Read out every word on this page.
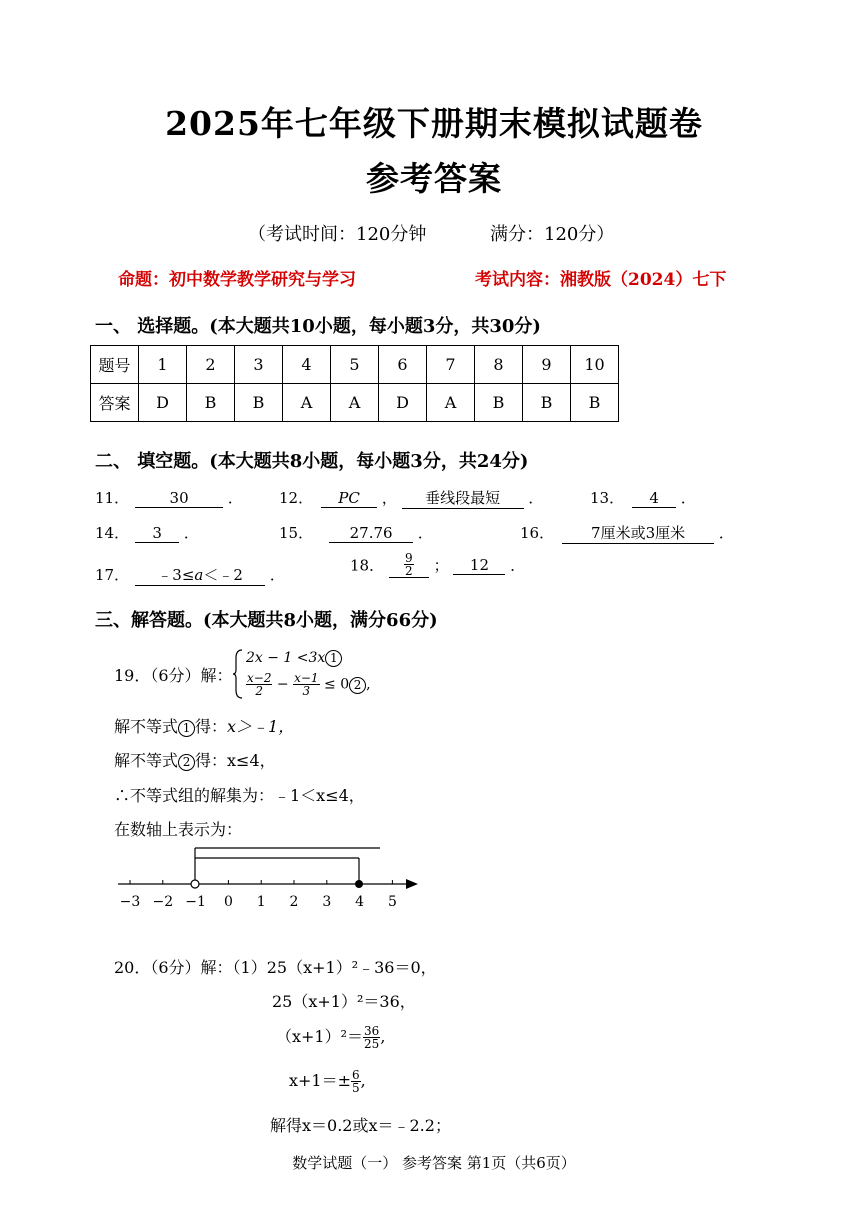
2025年七年级下册期末模拟试题卷
参考答案
（考试时间：120分钟	满分：120分）
命题：初中数学教学研究与学习	考试内容：湘教版（2024）七下
一、 选择题。(本大题共10小题，每小题3分，共30分)
题号	1	2	3	4	5	6	7	8	9	10
答案	D	B	B	A	A	D	A	B	B	B
二、 填空题。(本大题共8小题，每小题3分，共24分)
11．	30 ． 12． PC ， 垂线段最短 ．	13． 4 ．
14． 3 ．	15． 27.76 ．	16． 7厘米或3厘米 ．
17． ﹣3≤a＜﹣2 ．
18． $\frac{9}{2}$ ； 12 ．
三、解答题。(本大题共8小题，满分66分)
19．（6分）解：
2x − 1 <3x 1
$\frac{x-2}{2} - \frac{x-1}{3} \le 0$ 2 ,
解不等式 1 得：x＞﹣1，
解不等式 2 得：x≤4，
∴不等式组的解集为：﹣1＜x≤4，
在数轴上表示为：
−3 −2 −1 0 1 2 3 4 5
20．（6分）解：（1）25（x+1）²﹣36＝0，
25（x+1）²＝36，
$(x+1)^2= \frac{36}{25}$ ,
$x+1=\pm \frac{6}{5}$ ,
解得x＝0.2或x＝﹣2.2；
数学试题（一） 参考答案 第1页（共6页）
